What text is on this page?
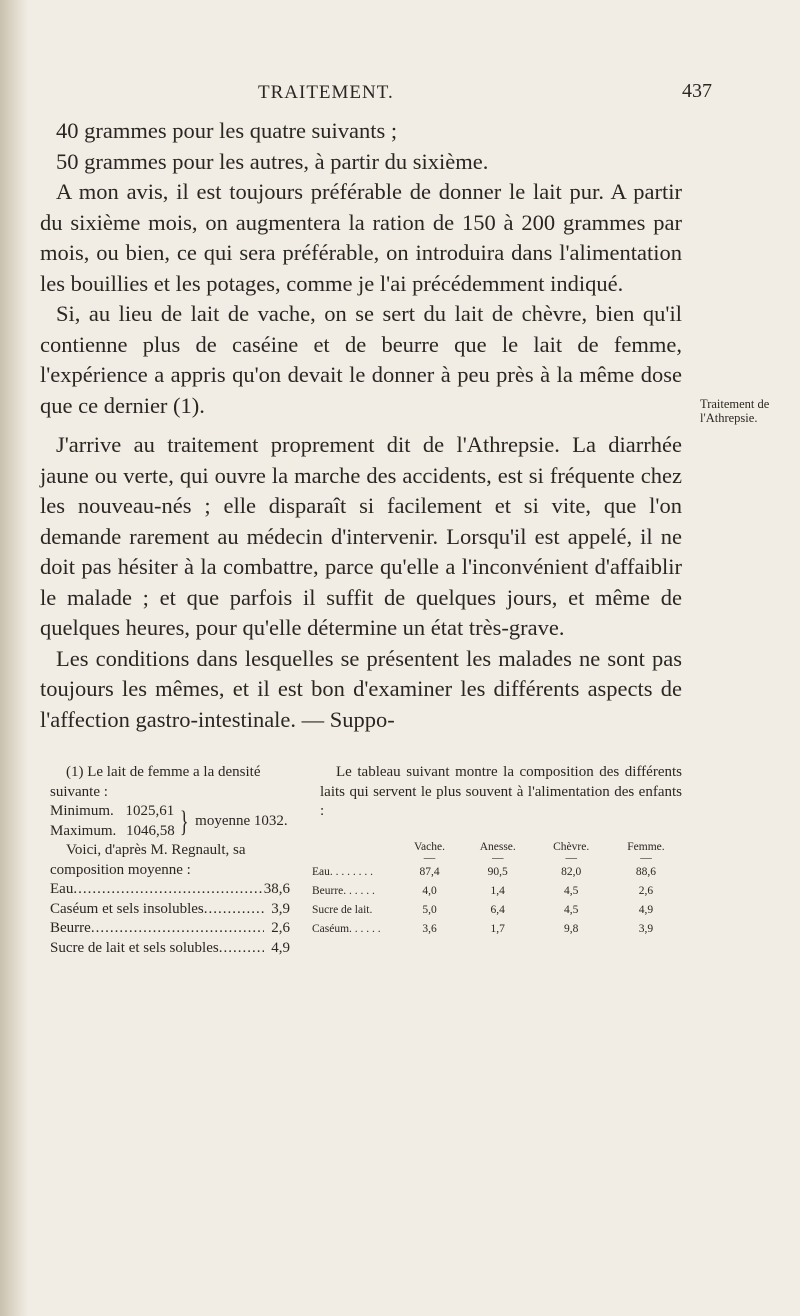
TRAITEMENT.	437

40 grammes pour les quatre suivants ;

50 grammes pour les autres, à partir du sixième.

A mon avis, il est toujours préférable de donner le lait pur. A partir du sixième mois, on augmentera la ration de 150 à 200 grammes par mois, ou bien, ce qui sera préférable, on introduira dans l'alimentation les bouillies et les potages, comme je l'ai précédemment indiqué.

Si, au lieu de lait de vache, on se sert du lait de chèvre, bien qu'il contienne plus de caséine et de beurre que le lait de femme, l'expérience a appris qu'on devait le donner à peu près à la même dose que ce dernier (1).

J'arrive au traitement proprement dit de l'Athrepsie. La diarrhée jaune ou verte, qui ouvre la marche des accidents, est si fréquente chez les nouveau-nés ; elle disparaît si facilement et si vite, que l'on demande rarement au médecin d'intervenir. Lorsqu'il est appelé, il ne doit pas hésiter à la combattre, parce qu'elle a l'inconvénient d'affaiblir le malade ; et que parfois il suffit de quelques jours, et même de quelques heures, pour qu'elle détermine un état très-grave.

Les conditions dans lesquelles se présentent les malades ne sont pas toujours les mêmes, et il est bon d'examiner les différents aspects de l'affection gastro-intestinale. — Suppo-

Traitement de l'Athrepsie.

(1) Le lait de femme a la densité suivante :

Minimum. 1025,61
Maximum. 1046,58 } moyenne 1032.

Voici, d'après M. Regnault, sa composition moyenne :

Eau .....	38,6
Caséum et sels insolubles .....	3,9
Beurre .....	2,6
Sucre de lait et sels solubles .....	4,9

Le tableau suivant montre la composition des différents laits qui servent le plus souvent à l'alimentation des enfants :

	Vache.	Anesse.	Chèvre.	Femme.
	—	—	—	—
Eau. . . . . . . .	87,4	90,5	82,0	88,6
Beurre. . . . . .	4,0	1,4	4,5	2,6
Sucre de lait.	5,0	6,4	4,5	4,9
Caséum. . . . . .	3,6	1,7	9,8	3,9
